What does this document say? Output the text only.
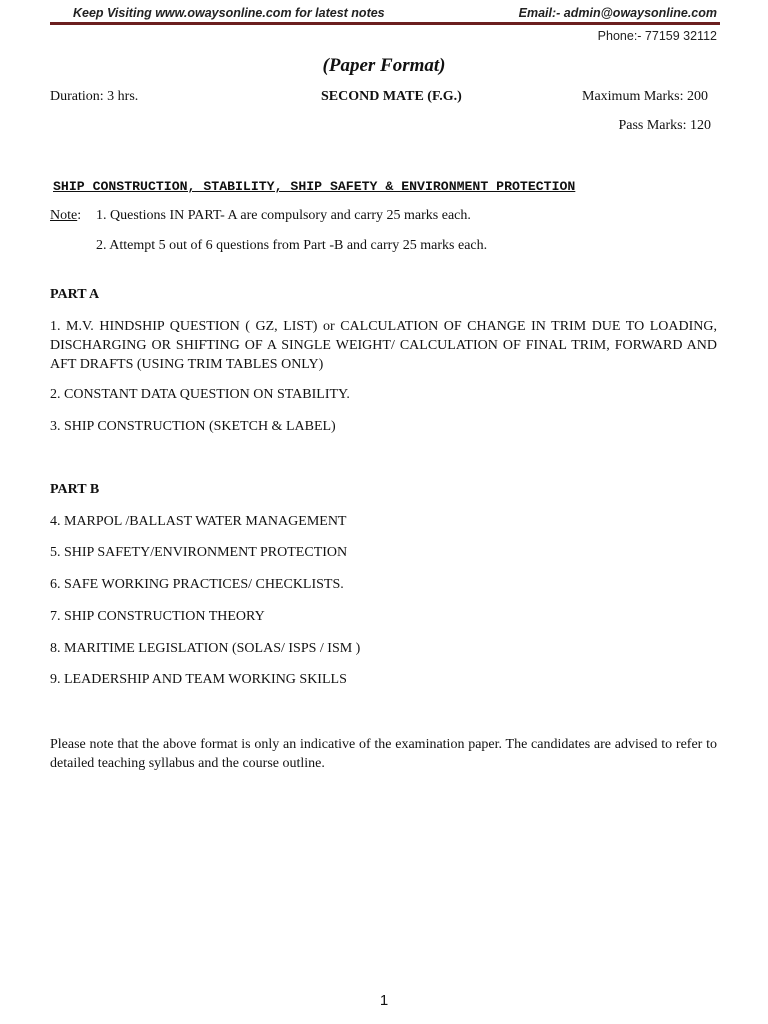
Keep Visiting www.owaysonline.com for latest notes	Email:- admin@owaysonline.com
Phone:- 77159 32112
(Paper Format)
Duration: 3 hrs.	SECOND MATE (F.G.)	Maximum Marks: 200
Pass Marks: 120
SHIP CONSTRUCTION, STABILITY, SHIP SAFETY & ENVIRONMENT PROTECTION
Note: 1. Questions IN PART- A are compulsory and carry 25 marks each.
2. Attempt 5 out of 6 questions from Part -B and carry 25 marks each.
PART A
1. M.V. HINDSHIP QUESTION ( GZ, LIST) or CALCULATION OF CHANGE IN TRIM DUE TO LOADING, DISCHARGING OR SHIFTING OF A SINGLE WEIGHT/ CALCULATION OF FINAL TRIM, FORWARD AND AFT DRAFTS (USING TRIM TABLES ONLY)
2. CONSTANT DATA QUESTION ON STABILITY.
3. SHIP CONSTRUCTION (SKETCH & LABEL)
PART B
4. MARPOL /BALLAST WATER MANAGEMENT
5. SHIP SAFETY/ENVIRONMENT PROTECTION
6. SAFE WORKING PRACTICES/ CHECKLISTS.
7. SHIP CONSTRUCTION THEORY
8. MARITIME LEGISLATION (SOLAS/ ISPS / ISM )
9. LEADERSHIP AND TEAM WORKING SKILLS
Please note that the above format is only an indicative of the examination paper. The candidates are advised to refer to detailed teaching syllabus and the course outline.
1
